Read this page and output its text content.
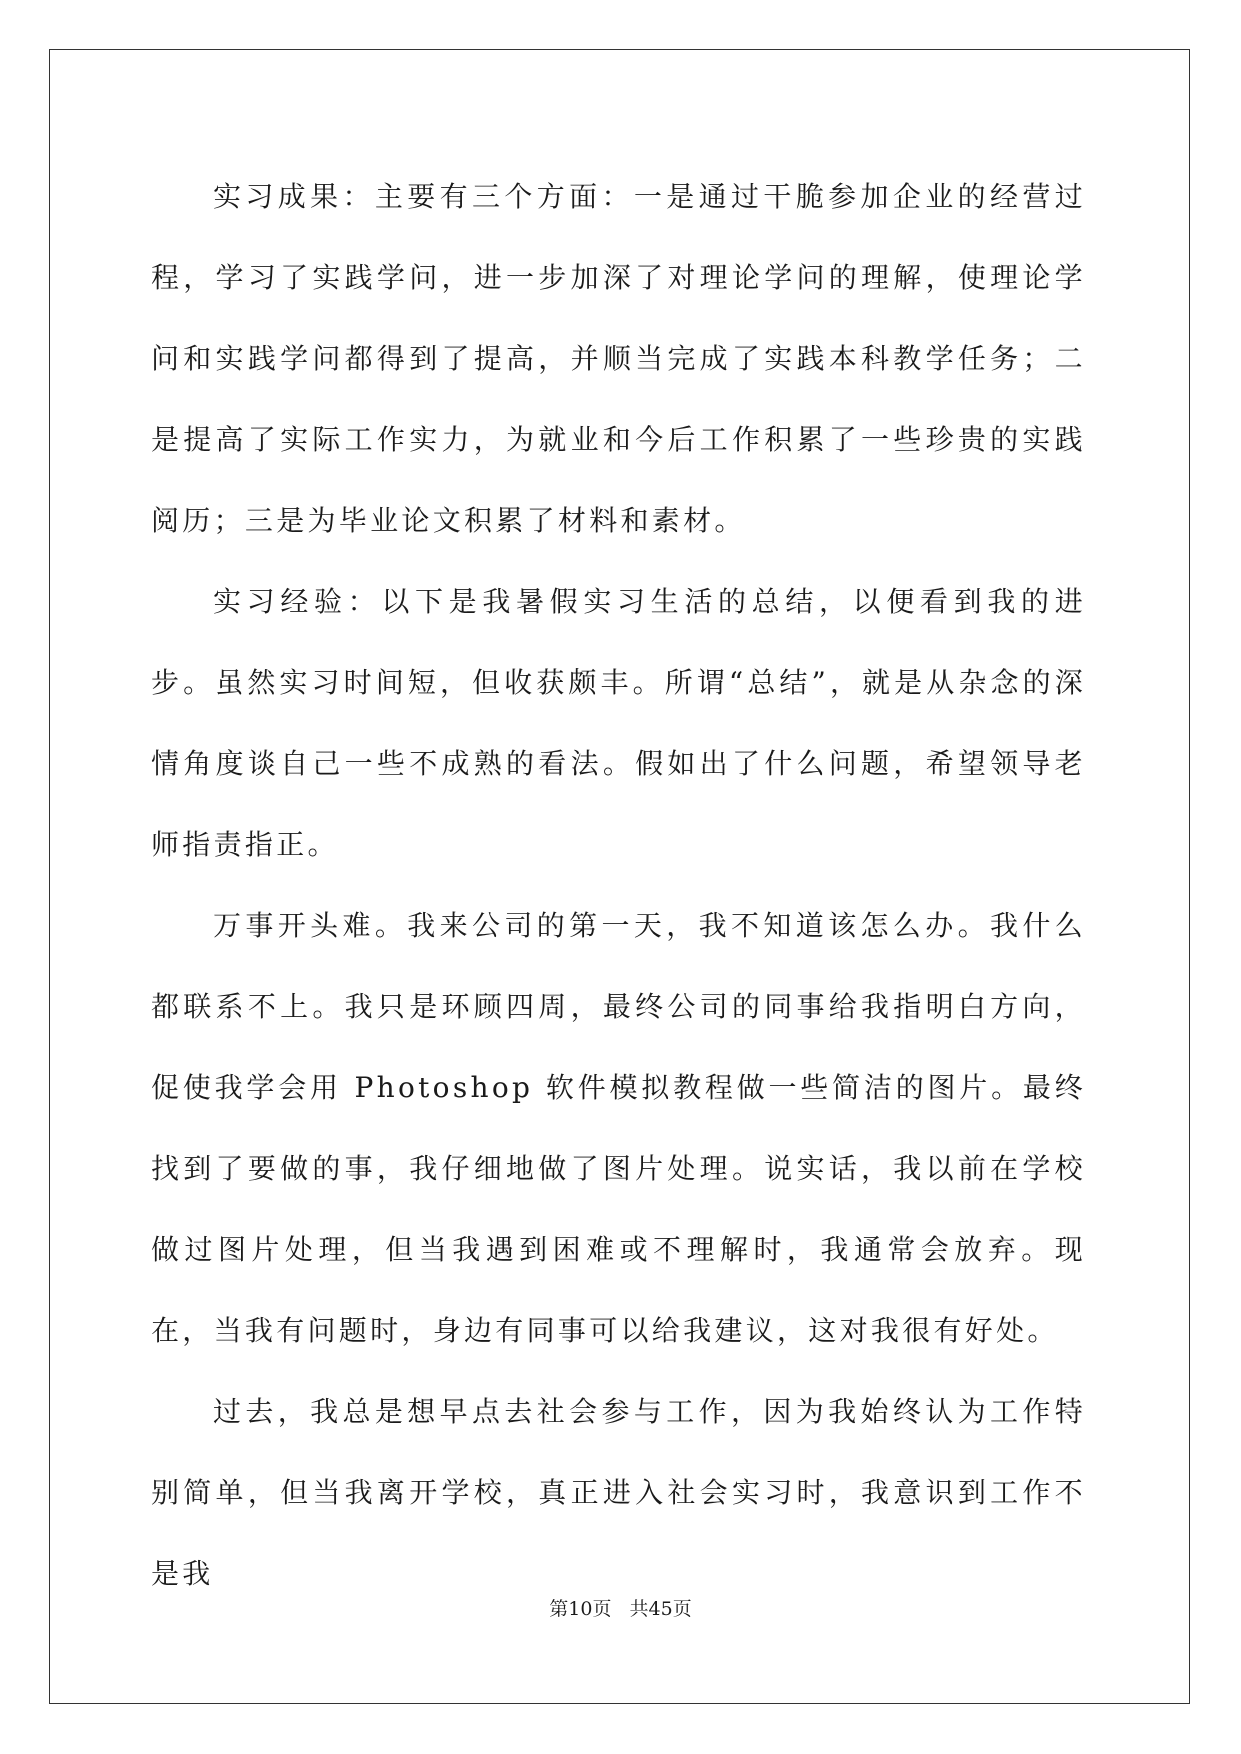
实习成果：主要有三个方面：一是通过干脆参加企业的经营过程，学习了实践学问，进一步加深了对理论学问的理解，使理论学问和实践学问都得到了提高，并顺当完成了实践本科教学任务；二是提高了实际工作实力，为就业和今后工作积累了一些珍贵的实践阅历；三是为毕业论文积累了材料和素材。

实习经验：以下是我暑假实习生活的总结，以便看到我的进步。虽然实习时间短，但收获颇丰。所谓“总结”，就是从杂念的深情角度谈自己一些不成熟的看法。假如出了什么问题，希望领导老师指责指正。

万事开头难。我来公司的第一天，我不知道该怎么办。我什么都联系不上。我只是环顾四周，最终公司的同事给我指明白方向，促使我学会用 Photoshop 软件模拟教程做一些简洁的图片。最终找到了要做的事，我仔细地做了图片处理。说实话，我以前在学校做过图片处理，但当我遇到困难或不理解时，我通常会放弃。现在，当我有问题时，身边有同事可以给我建议，这对我很有好处。

过去，我总是想早点去社会参与工作，因为我始终认为工作特别简单，但当我离开学校，真正进入社会实习时，我意识到工作不是我

第10页 共45页
